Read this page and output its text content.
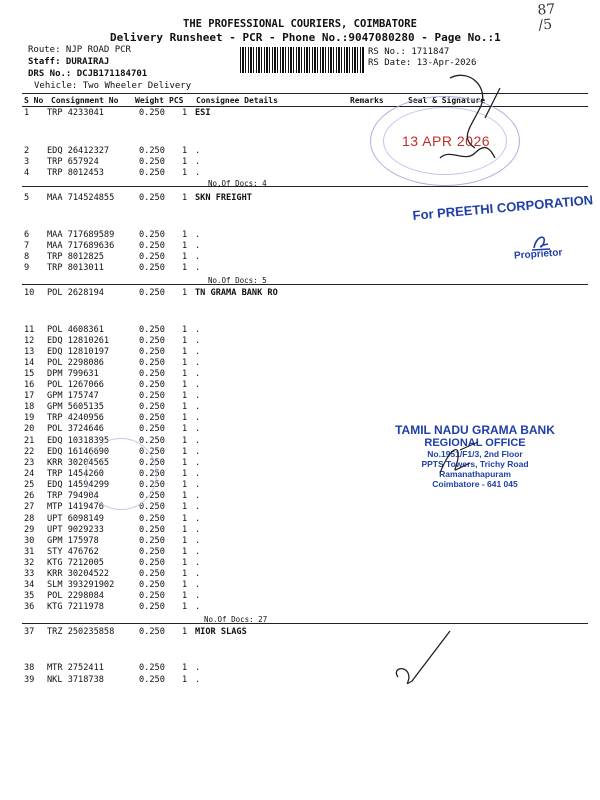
87
/5
THE PROFESSIONAL COURIERS, COIMBATORE
Delivery Runsheet - PCR - Phone No.:9047080280 - Page No.:1
Route: NJP ROAD PCR
Staff: DURAIRAJ
DRS No.: DCJB171184701
Vehicle: Two Wheeler Delivery
RS No.: 1711847
RS Date: 13-Apr-2026
S No Consignment No Weight PCS Consignee Details	Remarks	Seal & Signature
No.Of Docs: 4
No.Of Docs: 5
No.Of Docs: 27
1 TRP 4233041	0.250 1 ESI
2 EDQ 26412327	0.250 1 .
3 TRP 657924	0.250 1 .
4 TRP 8012453	0.250 1 .
5 MAA 714524855	0.250 1 SKN FREIGHT
6 MAA 717689589	0.250 1 .
7 MAA 717689636	0.250 1 .
8 TRP 8012825	0.250 1 .
9 TRP 8013011	0.250 1 .
10 POL 2628194	0.250 1 TN GRAMA BANK RO
11 POL 4608361	0.250 1 .
12 EDQ 12810261	0.250 1 .
13 EDQ 12810197	0.250 1 .
14 POL 2298086	0.250 1 .
15 DPM 799631	0.250 1 .
16 POL 1267066	0.250 1 .
17 GPM 175747	0.250 1 .
18 GPM 5605135	0.250 1 .
19 TRP 4240956	0.250 1 .
20 POL 3724646	0.250 1 .
21 EDQ 10318395	0.250 1 .
22 EDQ 16146690	0.250 1 .
23 KRR 30204565	0.250 1 .
24 TRP 1454260	0.250 1 .
25 EDQ 14594299	0.250 1 .
26 TRP 794904	0.250 1 .
27 MTP 1419476	0.250 1 .
28 UPT 6098149	0.250 1 .
29 UPT 9029233	0.250 1 .
30 GPM 175978	0.250 1 .
31 STY 476762	0.250 1 .
32 KTG 7212005	0.250 1 .
33 KRR 30204522	0.250 1 .
34 SLM 393291902	0.250 1 .
35 POL 2298084	0.250 1 .
36 KTG 7211978	0.250 1 .
37 TRZ 250235858	0.250 1 MIOR SLAGS
38 MTR 2752411	0.250 1 .
39 NKL 3718738	0.250 1 .
13 APR 2026
For PREETHI CORPORATION
Proprietor
TAMIL NADU GRAMA BANK
REGIONAL OFFICE
No.1951/F1/3, 2nd Floor
PPTS Towers, Trichy Road
Ramanathapuram
Coimbatore - 641 045
